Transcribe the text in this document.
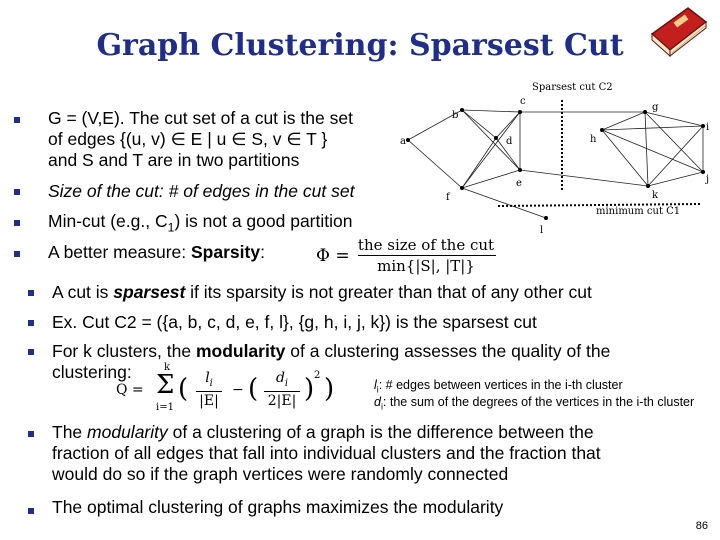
Graph Clustering: Sparsest Cut
G = (V,E). The cut set of a cut is the set
of edges {(u, v) ∈ E | u ∈ S, v ∈ T }
and S and T are in two partitions
Size of the cut: # of edges in the cut set
Min-cut (e.g., $C_1$) is not a good partition
A better measure: Sparsity:	Φ =
the size of the cut
min{|S|, |T|}
Sparsest cut C2
minimum cut C1
a
b
c
d
e
f
g
h
i
j
k
l
A cut is sparsest if its sparsity is not greater than that of any other cut
Ex. Cut C2 = ({a, b, c, d, e, f, l}, {g, h, i, j, k}) is the sparsest cut
For k clusters, the modularity of a clustering assesses the quality of the
clustering:
Q =
k
Σ
i=1
(	$l_i$
|E|
− (	$d_i$
2|E| ) 2 )	$l_i$: # edges between vertices in the i-th cluster
$d_i$: the sum of the degrees of the vertices in the i-th cluster
The modularity of a clustering of a graph is the difference between the
fraction of all edges that fall into individual clusters and the fraction that
would do so if the graph vertices were randomly connected
The optimal clustering of graphs maximizes the modularity
86
